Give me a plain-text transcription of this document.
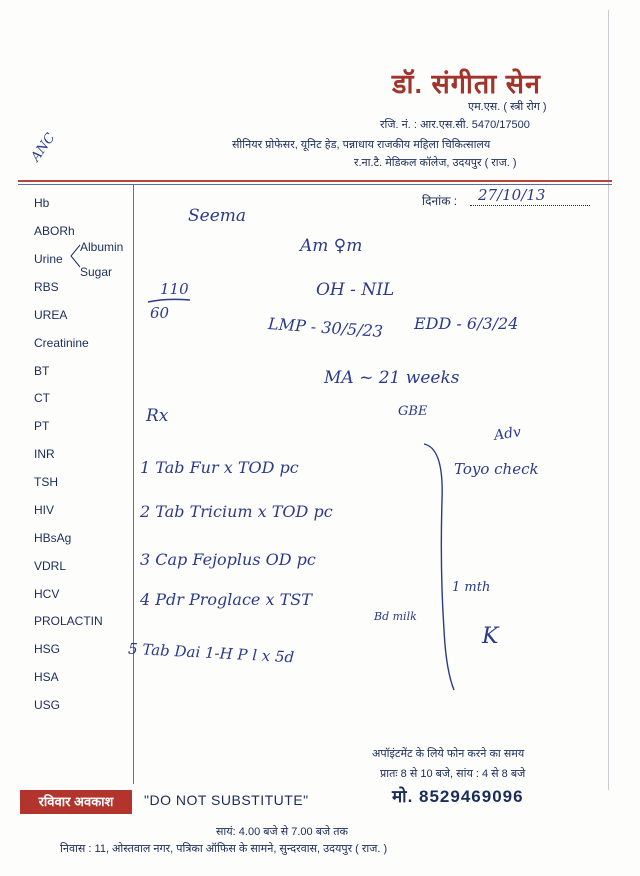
डॉ. संगीता सेन
एम.एस. ( स्त्री रोग )
रजि. नं. : आर.एस.सी. 5470/17500
सीनियर प्रोफेसर, यूनिट हेड, पन्नाधाय राजकीय महिला चिकित्सालय
र.ना.टै. मेडिकल कॉलेज, उदयपुर ( राज. )
दिनांक :
Hb
ABORh
Urine
Albumin
Sugar
RBS
UREA
Creatinine
BT
CT
PT
INR
TSH
HIV
HBsAg
VDRL
HCV
PROLACTIN
HSG
HSA
USG
ANC
27/10/13
Seema
Am ♀m
110
60
OH - NIL
LMP - 30/5/23 EDD - 6/3/24
MA ~ 21 weeks
GBE
Rx
1 Tab Fur x TOD pc
2 Tab Tricium x TOD pc
3 Cap Fejoplus OD pc
4 Pdr Proglace x TST
Bd milk
5 Tab Dai 1-H P l x 5d
Adv
Toyo check
1 mth
K
अपॉइंटमेंट के लिये फोन करने का समय
प्रातः 8 से 10 बजे, सांय : 4 से 8 बजे
रविवार अवकाश	"DO NOT SUBSTITUTE"	मो. 8529469096
सायं: 4.00 बजे से 7.00 बजे तक
निवास : 11, ओस्तवाल नगर, पत्रिका ऑफिस के सामने, सुन्दरवास, उदयपुर ( राज. )
